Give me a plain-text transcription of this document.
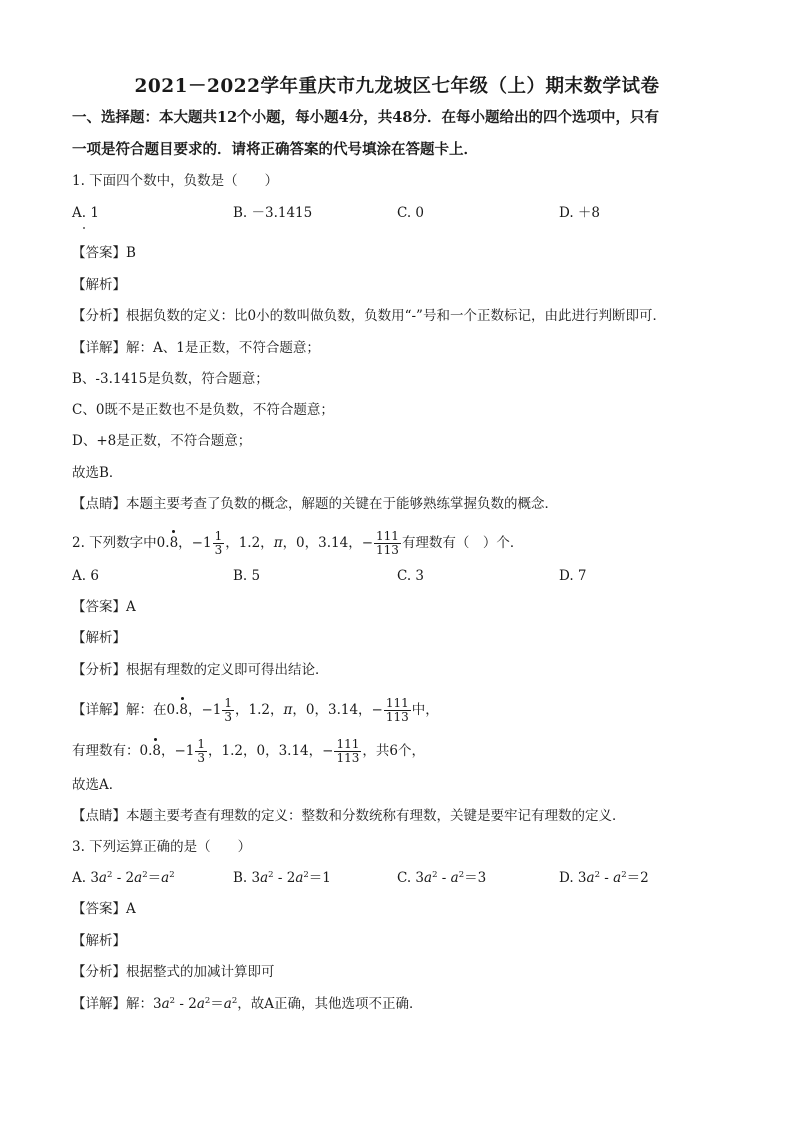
2021－2022学年重庆市九龙坡区七年级（上）期末数学试卷
一、选择题：本大题共12个小题，每小题4分，共48分．在每小题给出的四个选项中，只有
一项是符合题目要求的．请将正确答案的代号填涂在答题卡上．
1. 下面四个数中，负数是（　　）
A. 1	B. －3.1415	C. 0	D. ＋8
【答案】B
【解析】
【分析】根据负数的定义：比0小的数叫做负数，负数用“-”号和一个正数标记，由此进行判断即可．
【详解】解：A、1是正数，不符合题意；
B、-3.1415是负数，符合题意；
C、0既不是正数也不是负数，不符合题意；
D、+8是正数，不符合题意；
故选B．
【点睛】本题主要考查了负数的概念，解题的关键在于能够熟练掌握负数的概念．
2. 下列数字中0.8，$-1 \frac{1}{3}$ ，1.2，π，0，3.14，− $\frac{111}{113}$ 有理数有（　）个．
A. 6	B. 5	C. 3	D. 7
【答案】A
【解析】
【分析】根据有理数的定义即可得出结论．
【详解】解：在0.8，$-1 \frac{1}{3}$ ，1.2，π，0，3.14，− $\frac{111}{113}$ 中，
有理数有：0.8，$-1 \frac{1}{3}$ ，1.2，0，3.14，− $\frac{111}{113}$ ，共6个，
故选A．
【点睛】本题主要考查有理数的定义：整数和分数统称有理数，关键是要牢记有理数的定义．
3. 下列运算正确的是（　　）
A. $3a^2 - 2a^2=a^2$	B. $3a^2 - 2a^2=1$	C. $3a^2 - a^2=3$	D. $3a^2 - a^2=2$
【答案】A
【解析】
【分析】根据整式的加减计算即可
【详解】解：$3a^2 - 2a^2=a^2$，故A正确，其他选项不正确．
